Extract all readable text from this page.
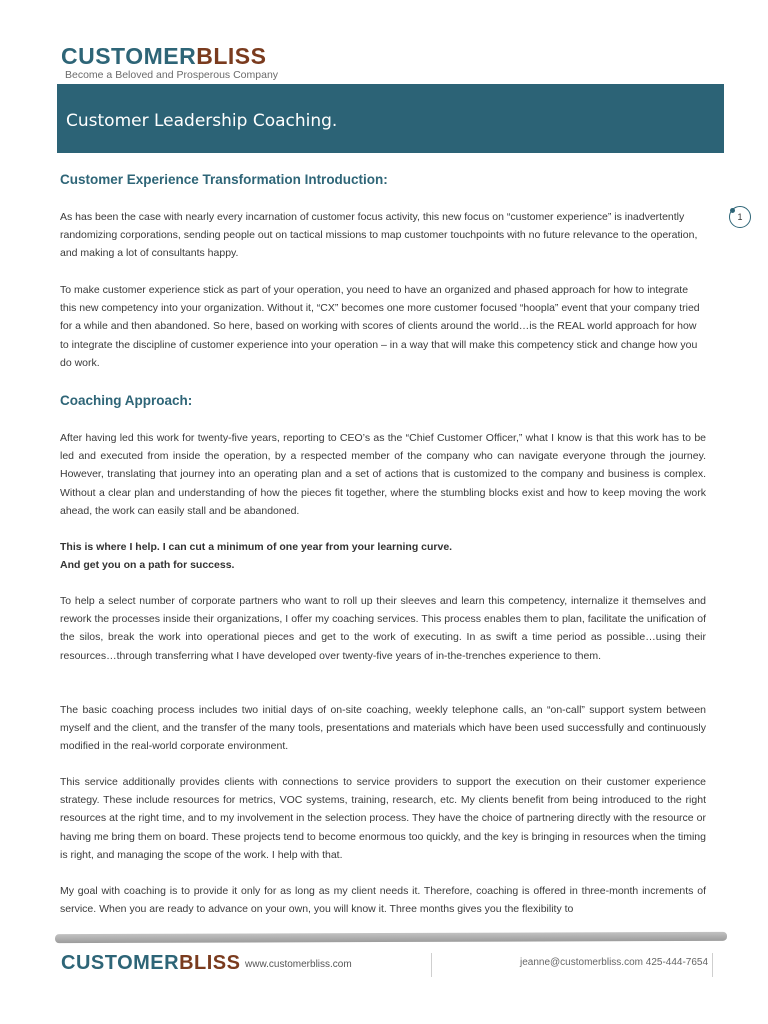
CUSTOMERBLISS
Become a Beloved and Prosperous Company
Customer Leadership Coaching.
Customer Experience Transformation Introduction:
1

As has been the case with nearly every incarnation of customer focus activity, this new focus on “customer experience” is inadvertently randomizing corporations, sending people out on tactical missions to map customer touchpoints with no future relevance to the operation, and making a lot of consultants happy.

To make customer experience stick as part of your operation, you need to have an organized and phased approach for how to integrate this new competency into your organization. Without it, “CX” becomes one more customer focused “hoopla” event that your company tried for a while and then abandoned. So here, based on working with scores of clients around the world…is the REAL world approach for how to integrate the discipline of customer experience into your operation – in a way that will make this competency stick and change how you do work.

Coaching Approach:

After having led this work for twenty-five years, reporting to CEO’s as the “Chief Customer Officer,” what I know is that this work has to be led and executed from inside the operation, by a respected member of the company who can navigate everyone through the journey. However, translating that journey into an operating plan and a set of actions that is customized to the company and business is complex. Without a clear plan and understanding of how the pieces fit together, where the stumbling blocks exist and how to keep moving the work ahead, the work can easily stall and be abandoned.

This is where I help. I can cut a minimum of one year from your learning curve.

And get you on a path for success.

To help a select number of corporate partners who want to roll up their sleeves and learn this competency, internalize it themselves and rework the processes inside their organizations, I offer my coaching services. This process enables them to plan, facilitate the unification of the silos, break the work into operational pieces and get to the work of executing. In as swift a time period as possible…using their resources…through transferring what I have developed over twenty-five years of in-the-trenches experience to them.

The basic coaching process includes two initial days of on-site coaching, weekly telephone calls, an “on-call” support system between myself and the client, and the transfer of the many tools, presentations and materials which have been used successfully and continuously modified in the real-world corporate environment.

This service additionally provides clients with connections to service providers to support the execution on their customer experience strategy. These include resources for metrics, VOC systems, training, research, etc. My clients benefit from being introduced to the right resources at the right time, and to my involvement in the selection process. They have the choice of partnering directly with the resource or having me bring them on board. These projects tend to become enormous too quickly, and the key is bringing in resources when the timing is right, and managing the scope of the work. I help with that.

My goal with coaching is to provide it only for as long as my client needs it. Therefore, coaching is offered in three-month increments of service. When you are ready to advance on your own, you will know it. Three months gives you the flexibility to

CUSTOMERBLISS www.customerbliss.com	jeanne@customerbliss.com 425-444-7654
